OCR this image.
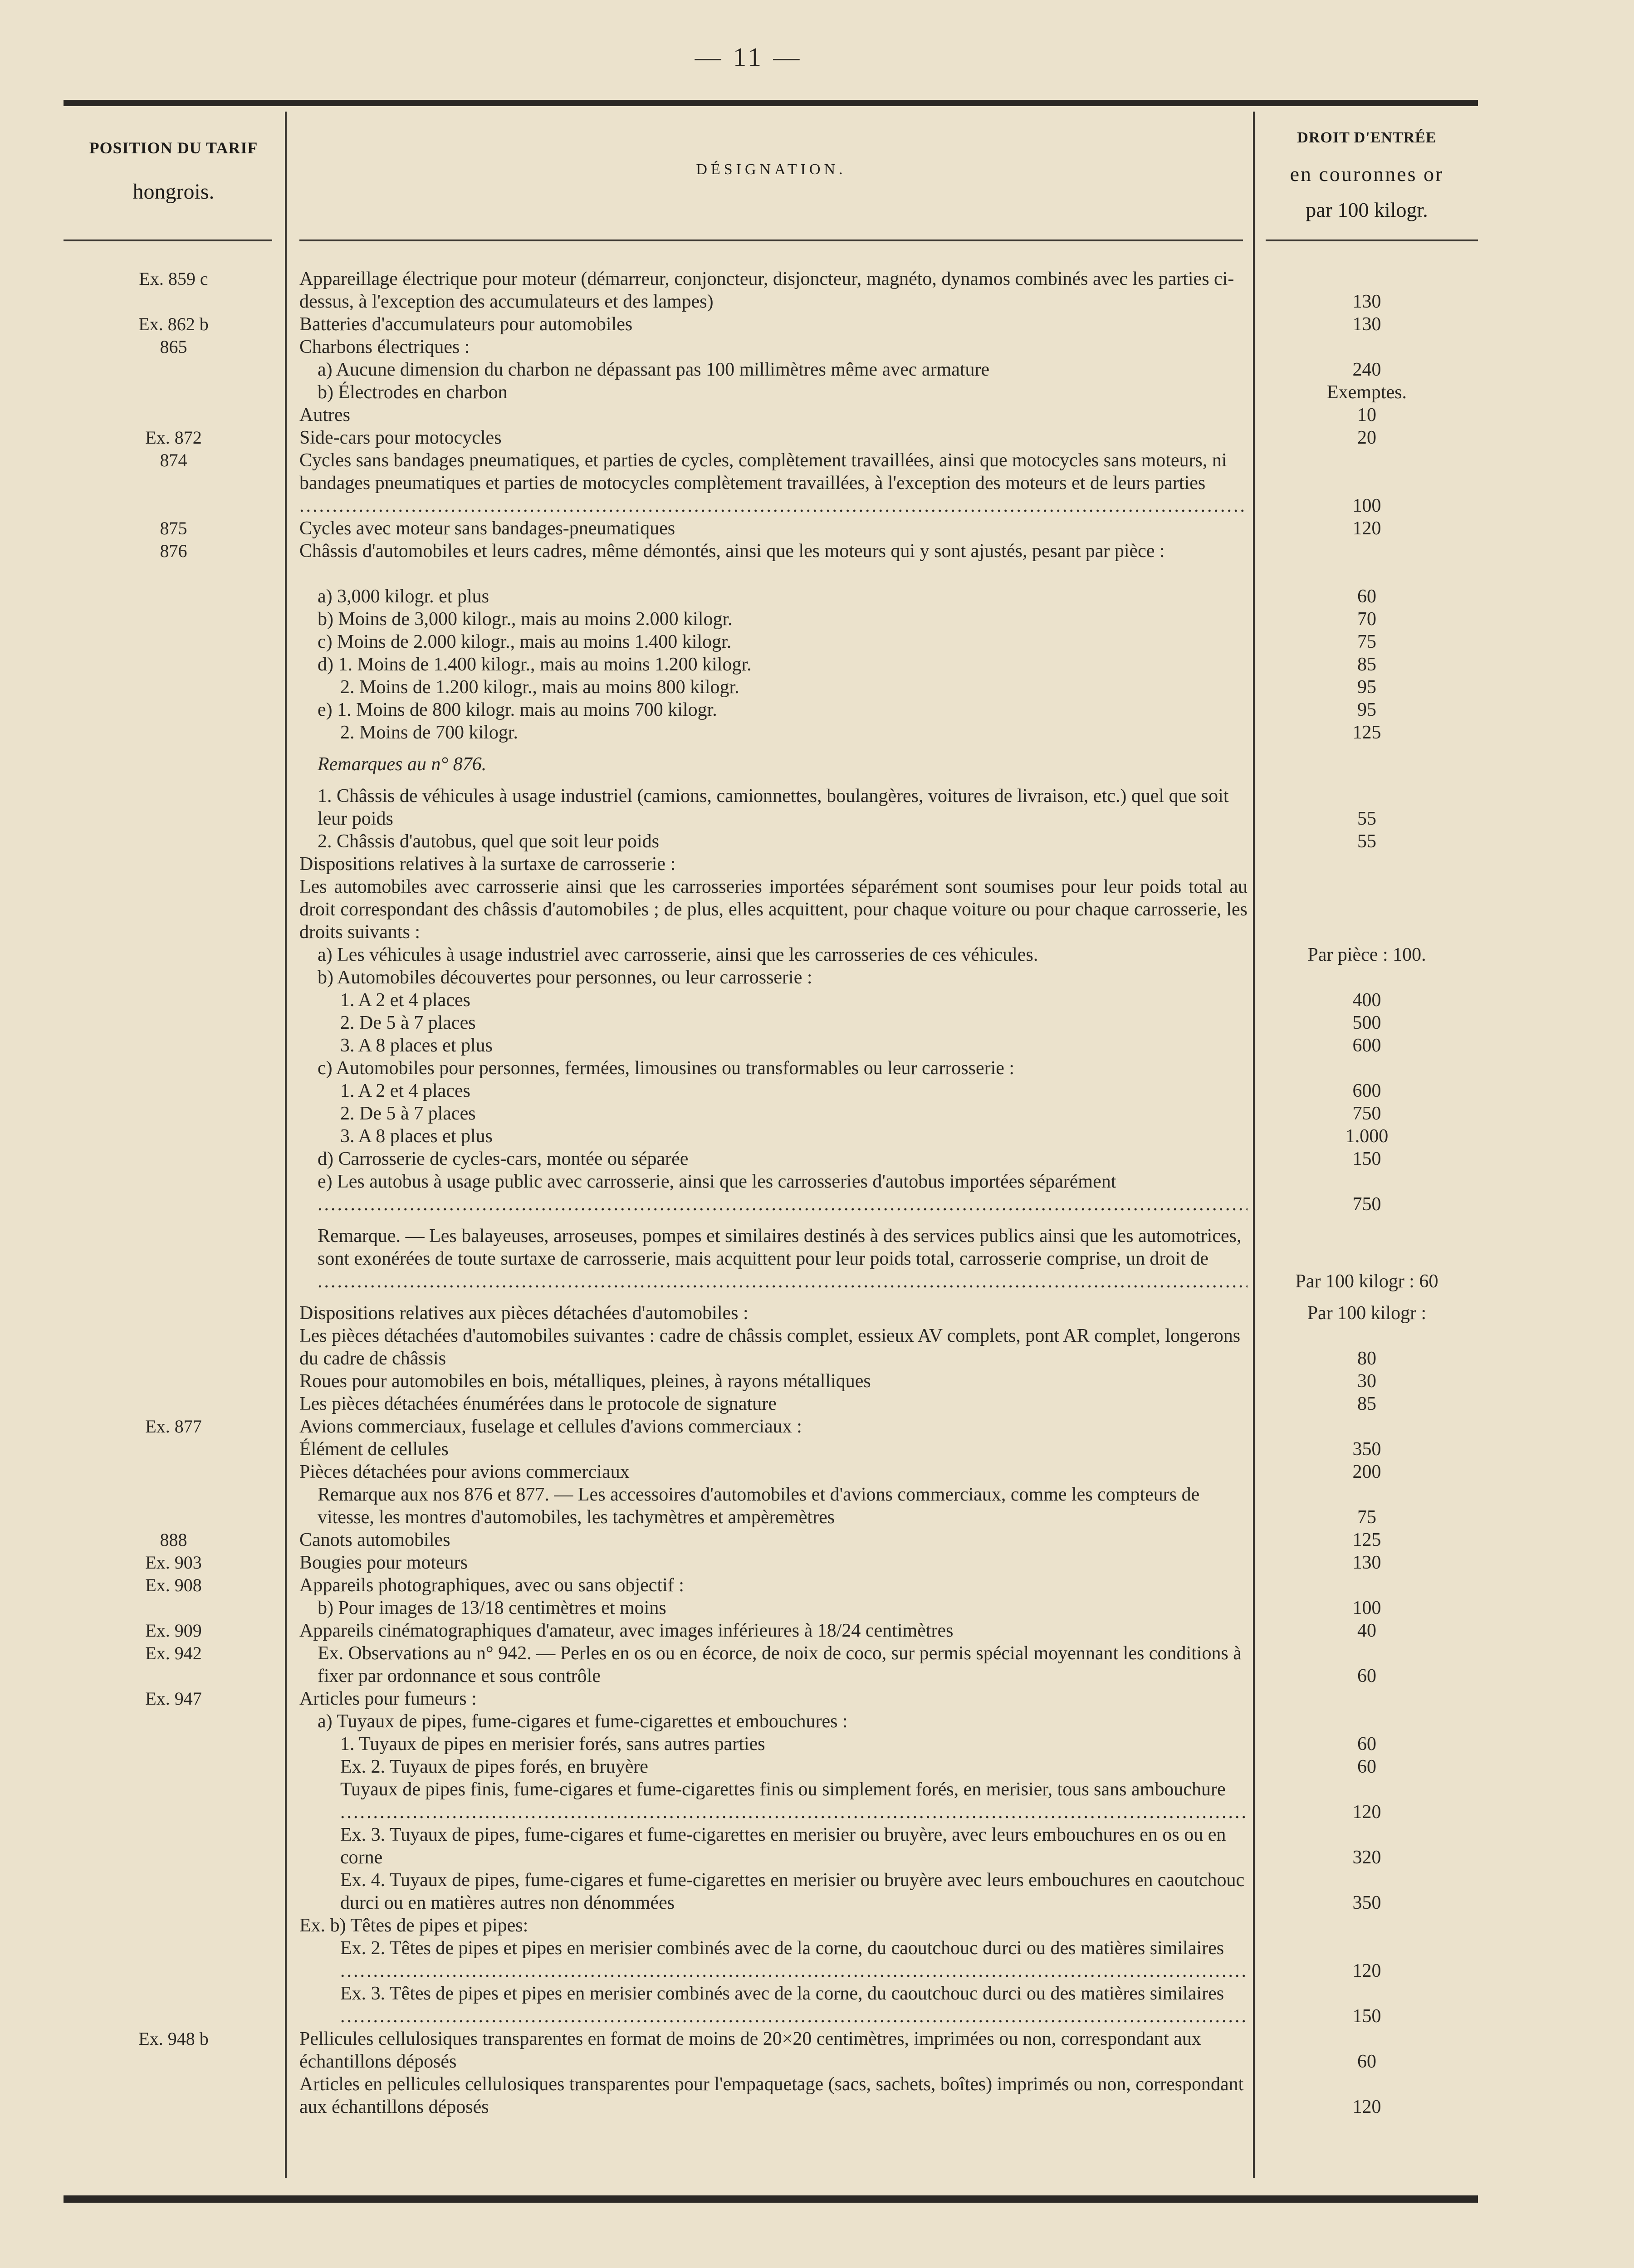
— 11 —
POSITION DU TARIF
hongrois.
DÉSIGNATION.
DROIT D'ENTRÉE
en couronnes or
par 100 kilogr.
Ex. 859 c	Appareillage électrique pour moteur (démarreur, conjoncteur, disjoncteur, magnéto, dynamos combinés avec les parties ci-dessus, à l'exception des accumulateurs et des lampes) .....	130
Ex. 862 b	Batteries d'accumulateurs pour automobiles .....	130
865	Charbons électriques :
a) Aucune dimension du charbon ne dépassant pas 100 millimètres même avec armature .....	240
b) Électrodes en charbon .....	Exemptes.
Autres .....	10
Ex. 872	Side-cars pour motocycles .....	20
874	Cycles sans bandages pneumatiques, et parties de cycles, complètement travaillées, ainsi que motocycles sans moteurs, ni bandages pneumatiques et parties de motocycles complètement travaillées, à l'exception des moteurs et de leurs parties .....
100
875	Cycles avec moteur sans bandages-pneumatiques .....	120
876	Châssis d'automobiles et leurs cadres, même démontés, ainsi que les moteurs qui y sont ajustés, pesant par pièce :
a) 3,000 kilogr. et plus .....	60
b) Moins de 3,000 kilogr., mais au moins 2.000 kilogr. .....	70
c) Moins de 2.000 kilogr., mais au moins 1.400 kilogr. .....	75
d) 1. Moins de 1.400 kilogr., mais au moins 1.200 kilogr. .....	85
2. Moins de 1.200 kilogr., mais au moins 800 kilogr. .....	95
e) 1. Moins de 800 kilogr. mais au moins 700 kilogr. .....	95
2. Moins de 700 kilogr. .....	125
Remarques au n° 876.
1. Châssis de véhicules à usage industriel (camions, camionnettes, boulangères, voitures de livraison, etc.) quel que soit leur poids .....	55
2. Châssis d'autobus, quel que soit leur poids .....	55
Dispositions relatives à la surtaxe de carrosserie :
Les automobiles avec carrosserie ainsi que les carrosseries importées séparément sont soumises pour leur poids total au droit correspondant des châssis d'automobiles ; de plus, elles acquittent, pour chaque voiture ou pour chaque carrosserie, les droits suivants :
a) Les véhicules à usage industriel avec carrosserie, ainsi que les carrosseries de ces véhicules.	Par pièce : 100.
b) Automobiles découvertes pour personnes, ou leur carrosserie :
1. A 2 et 4 places .....	400
2. De 5 à 7 places .....	500
3. A 8 places et plus .....	600
c) Automobiles pour personnes, fermées, limousines ou transformables ou leur carrosserie :
1. A 2 et 4 places .....	600
2. De 5 à 7 places .....	750
3. A 8 places et plus .....	1.000
d) Carrosserie de cycles-cars, montée ou séparée .....	150
e) Les autobus à usage public avec carrosserie, ainsi que les carrosseries d'autobus importées séparément .....
750
Remarque. — Les balayeuses, arroseuses, pompes et similaires destinés à des services publics ainsi que les automotrices, sont exonérées de toute surtaxe de carrosserie, mais acquittent pour leur poids total, carrosserie comprise, un droit de .....
Par 100 kilogr : 60
Dispositions relatives aux pièces détachées d'automobiles :	Par 100 kilogr :
Les pièces détachées d'automobiles suivantes : cadre de châssis complet, essieux AV complets, pont AR complet, longerons du cadre de châssis .....	80
Roues pour automobiles en bois, métalliques, pleines, à rayons métalliques .....	30
Les pièces détachées énumérées dans le protocole de signature .....	85
Ex. 877	Avions commerciaux, fuselage et cellules d'avions commerciaux :
Élément de cellules .....	350
Pièces détachées pour avions commerciaux .....	200
Remarque aux nos 876 et 877. — Les accessoires d'automobiles et d'avions commerciaux, comme les compteurs de vitesse, les montres d'automobiles, les tachymètres et ampèremètres .....	75
888	Canots automobiles .....	125
Ex. 903	Bougies pour moteurs .....	130
Ex. 908	Appareils photographiques, avec ou sans objectif :
b) Pour images de 13/18 centimètres et moins .....	100
Ex. 909	Appareils cinématographiques d'amateur, avec images inférieures à 18/24 centimètres .....	40
Ex. 942	Ex. Observations au n° 942. — Perles en os ou en écorce, de noix de coco, sur permis spécial moyennant les conditions à fixer par ordonnance et sous contrôle .....	60
Ex. 947	Articles pour fumeurs :
a) Tuyaux de pipes, fume-cigares et fume-cigarettes et embouchures :
1. Tuyaux de pipes en merisier forés, sans autres parties .....	60
Ex. 2. Tuyaux de pipes forés, en bruyère .....	60
Tuyaux de pipes finis, fume-cigares et fume-cigarettes finis ou simplement forés, en merisier, tous sans ambouchure .....
120
Ex. 3. Tuyaux de pipes, fume-cigares et fume-cigarettes en merisier ou bruyère, avec leurs embouchures en os ou en corne .....	320
Ex. 4. Tuyaux de pipes, fume-cigares et fume-cigarettes en merisier ou bruyère avec leurs embouchures en caoutchouc durci ou en matières autres non dénommées .....	350
Ex. b) Têtes de pipes et pipes:
Ex. 2. Têtes de pipes et pipes en merisier combinés avec de la corne, du caoutchouc durci ou des matières similaires .....
120
Ex. 3. Têtes de pipes et pipes en merisier combinés avec de la corne, du caoutchouc durci ou des matières similaires .....
150
Ex. 948 b	Pellicules cellulosiques transparentes en format de moins de 20×20 centimètres, imprimées ou non, correspondant aux échantillons déposés .....	60
Articles en pellicules cellulosiques transparentes pour l'empaquetage (sacs, sachets, boîtes) imprimés ou non, correspondant aux échantillons déposés .....	120
